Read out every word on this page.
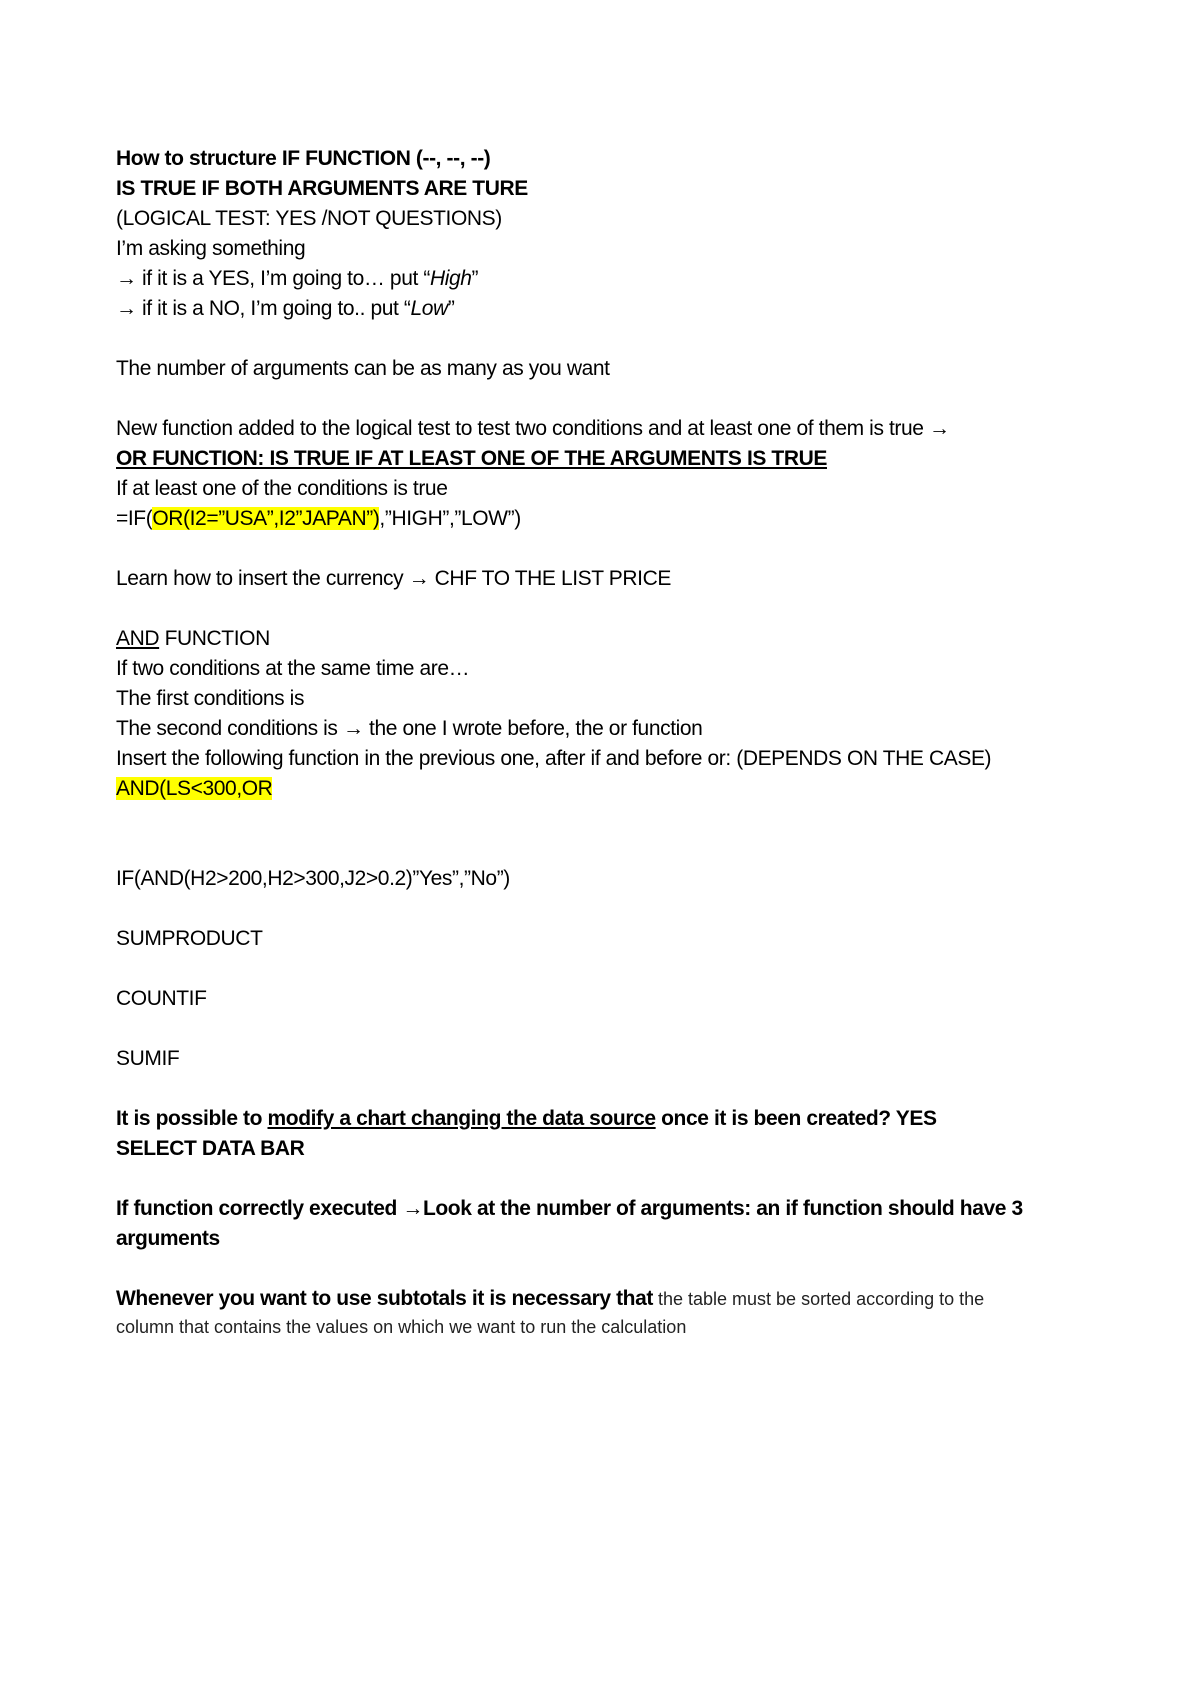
How to structure IF FUNCTION (--, --, --)
IS TRUE IF BOTH ARGUMENTS ARE TURE
(LOGICAL TEST: YES /NOT QUESTIONS)
I’m asking something
→ if it is a YES, I’m going to… put “High”
→ if it is a NO, I’m going to.. put “Low”
The number of arguments can be as many as you want
New function added to the logical test to test two conditions and at least one of them is true →
OR FUNCTION: IS TRUE IF AT LEAST ONE OF THE ARGUMENTS IS TRUE
If at least one of the conditions is true
=IF(OR(I2=”USA”,I2”JAPAN”),”HIGH”,”LOW”)
Learn how to insert the currency → CHF TO THE LIST PRICE
AND FUNCTION
If two conditions at the same time are…
The first conditions is
The second conditions is → the one I wrote before, the or function
Insert the following function in the previous one, after if and before or: (DEPENDS ON THE CASE)
AND(LS<300,OR
IF(AND(H2>200,H2>300,J2>0.2)”Yes”,”No”)
SUMPRODUCT
COUNTIF
SUMIF
It is possible to modify a chart changing the data source once it is been created? YES
SELECT DATA BAR
If function correctly executed →Look at the number of arguments: an if function should have 3
arguments
Whenever you want to use subtotals it is necessary that the table must be sorted according to the
column that contains the values on which we want to run the calculation
